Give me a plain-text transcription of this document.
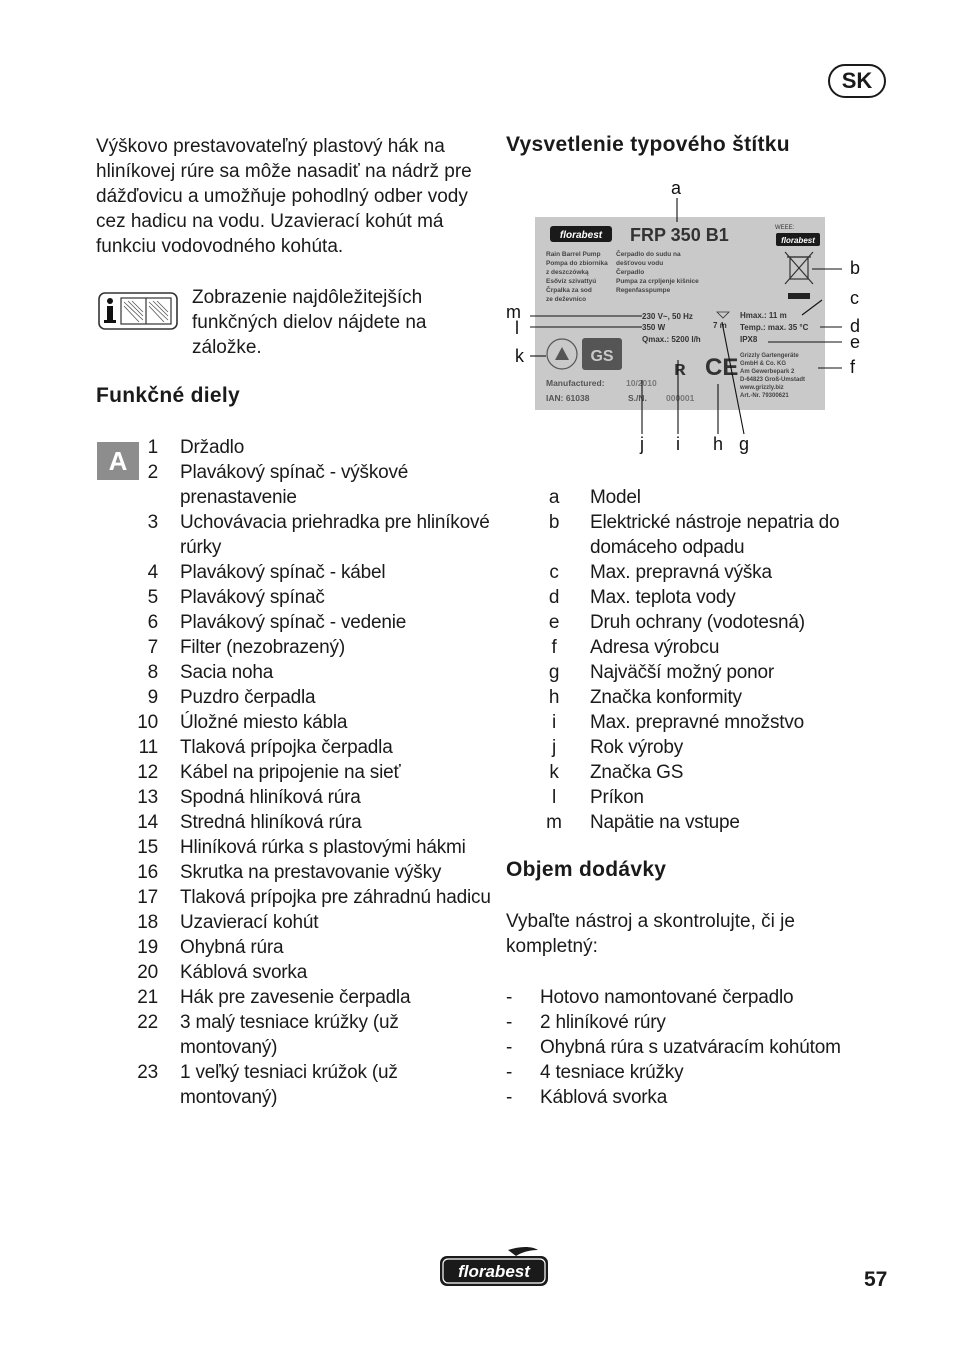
SK
Výškovo prestavovateľný plastový hák na hliníkovej rúre sa môže nasadiť na nádrž pre dážďovicu a umožňuje pohodlný odber vody cez hadicu na vodu. Uzavierací kohút má funkciu vodovodného kohúta.
Zobrazenie najdôležitejších funkčných dielov nájdete na záložke.
Funkčné diely
A	1 Držadlo
2 Plavákový spínač - výškové prenastavenie
3 Uchovávacia priehradka pre hliníkové rúrky
4 Plavákový spínač - kábel
5 Plavákový spínač
6 Plavákový spínač - vedenie
7 Filter (nezobrazený)
8 Sacia noha
9 Puzdro čerpadla
10 Úložné miesto kábla
11 Tlaková prípojka čerpadla
12 Kábel na pripojenie na sieť
13 Spodná hliníková rúra
14 Stredná hliníková rúra
15 Hliníková rúrka s plastovými hákmi
16 Skrutka na prestavovanie výšky
17 Tlaková prípojka pre záhradnú hadicu
18 Uzavierací kohút
19 Ohybná rúra
20 Káblová svorka
21 Hák pre zavesenie čerpadla
22 3 malý tesniace krúžky (už montovaný)
23 1 veľký tesniaci krúžok (už montovaný)
Vysvetlenie typového štítku
florabest FRP 350 B1	WEEE:
florabest
Rain Barrel Pump
Pompa do zbiornika
z deszczówką
Esővíz szivattyú
Črpalka za sod
ze deževnico
Čerpadlo do sudu na
dešťovou vodu
Čerpadlo
Pumpa za crpljenje kišnice
Regenfasspumpe
230 V~, 50 Hz
350 W
Qmax.: 5200 l/h
7 m
Hmax.: 11 m
Temp.: max. 35 °C
IPX8
Grizzly Gartengeräte
GmbH & Co. KG
Am Gewerbepark 2
D-64823 Groß-Umstadt
www.grizzly.biz
Art.-Nr. 79300621
GS
ʀ CE
Manufactured:	10/2010
IAN: 61038	S./N. 000001
a
b
c
d
e
f
g
h
i
j
k
l
m
a	Model
b	Elektrické nástroje nepatria do domáceho odpadu
c	Max. prepravná výška
d	Max. teplota vody
e	Druh ochrany (vodotesná)
f	Adresa výrobcu
g	Najväčší možný ponor
h	Značka konformity
i	Max. prepravné množstvo
j	Rok výroby
k	Značka GS
l	Príkon
m	Napätie na vstupe
Objem dodávky
Vybaľte nástroj a skontrolujte, či je kompletný:
- Hotovo namontované čerpadlo
- 2 hliníkové rúry
- Ohybná rúra s uzatváracím kohútom
- 4 tesniace krúžky
- Káblová svorka
florabest	57
